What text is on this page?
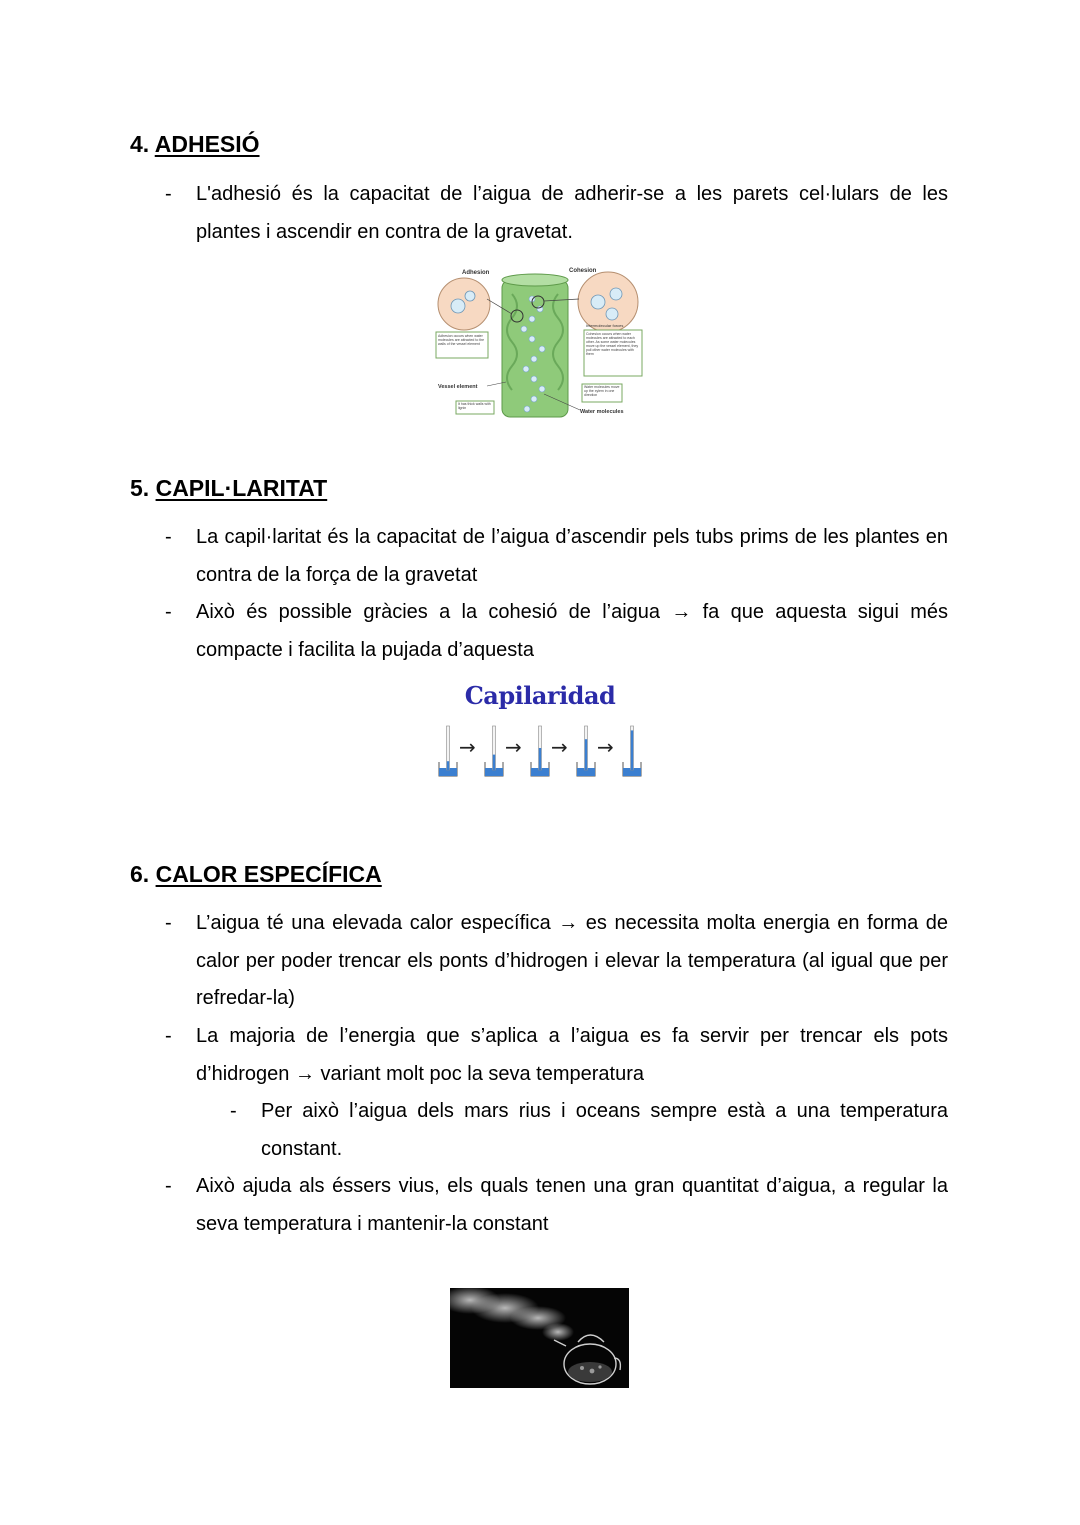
4. ADHESIÓ
- L'adhesió és la capacitat de l’aigua de adherir-se a les parets cel·lulars de les plantes i ascendir en contra de la gravetat.
Adhesion	Cohesion
Intermolecular forces
Adhesion occurs when water molecules are attracted to the walls of the vessel element
Cohesion occurs when water molecules are attracted to each other. As some water molecules move up the vessel element, they pull other water molecules with them
Vessel element
It has thick walls with lignin
Water molecules move up the xylem in one direction
Water molecules
5. CAPIL·LARITAT
- La capil·laritat és la capacitat de l’aigua d’ascendir pels tubs prims de les plantes en contra de la força de la gravetat
- Això és possible gràcies a la cohesió de l’aigua → fa que aquesta sigui més compacte i facilita la pujada d’aquesta
Capilaridad
→ → → →
6. CALOR ESPECÍFICA
- L’aigua té una elevada calor específica → es necessita molta energia en forma de calor per poder trencar els ponts d’hidrogen i elevar la temperatura (al igual que per refredar-la)
- La majoria de l’energia que s’aplica a l’aigua es fa servir per trencar els pots d’hidrogen → variant molt poc la seva temperatura
- Per això l’aigua dels mars rius i oceans sempre està a una temperatura constant.
- Això ajuda als éssers vius, els quals tenen una gran quantitat d’aigua, a regular la seva temperatura i mantenir-la constant
